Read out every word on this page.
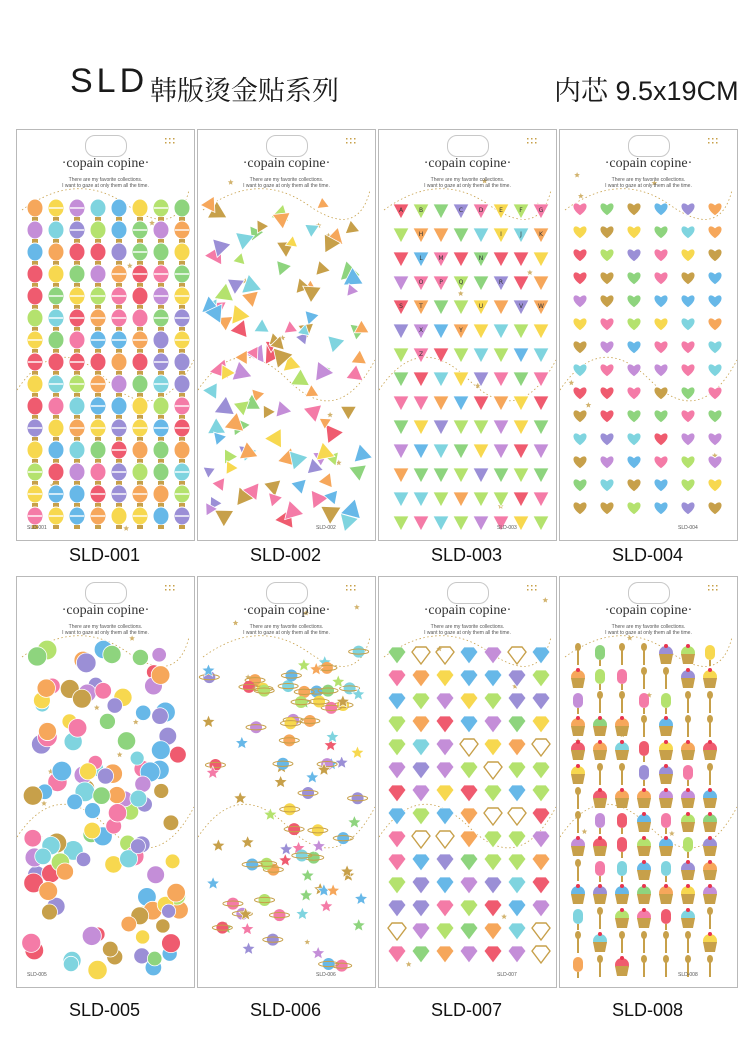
SLD 韩版烫金贴系列	内芯 9.5x19CM
·copain copine·
There are my favorite collections.
I want to gaze at only them all the time.
SLD-001
SLD-001
·copain copine·
There are my favorite collections.
I want to gaze at only them all the time.
SLD-002
SLD-002
A	B	C	D	E	F	G
H	I	J	K
L	M	N
O	P	Q	R
S	T	U	V W
X	Y
Z
·copain copine·
There are my favorite collections.
I want to gaze at only them all the time.
SLD-003
SLD-003
·copain copine·
There are my favorite collections.
I want to gaze at only them all the time.
SLD-004
SLD-004
·copain copine·
There are my favorite collections.
I want to gaze at only them all the time.
SLD-005
SLD-005
·copain copine·
There are my favorite collections.
I want to gaze at only them all the time.
SLD-006
SLD-006
·copain copine·
There are my favorite collections.
I want to gaze at only them all the time.
SLD-007
SLD-007
·copain copine·
There are my favorite collections.
I want to gaze at only them all the time.
SLD-008
SLD-008
